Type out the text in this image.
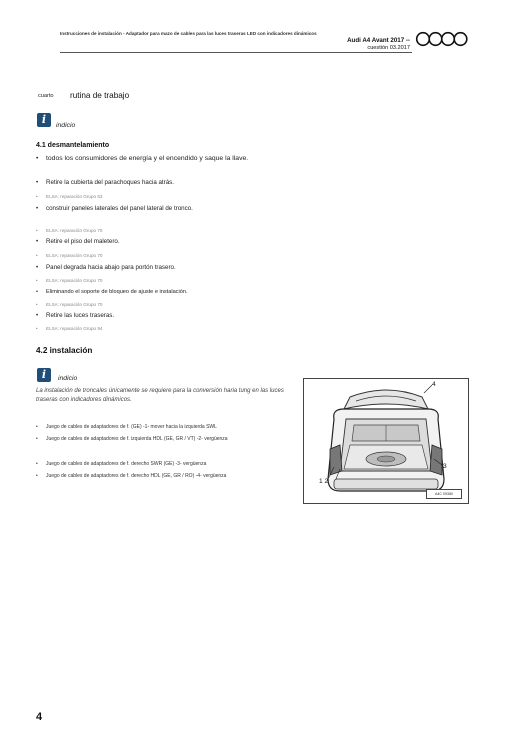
Instrucciones de instalación - Adaptador para mazo de cables para las luces traseras LED con indicadores dinámicos
Audi A4 Avant 2017 --
cuestión 03.2017
cuarto rutina de trabajo
i	indicio
4.1 desmantelamiento
• todos los consumidores de energía y el encendido y saque la llave.
• Retire la cubierta del parachoques hacia atrás.
• ELSA: reparación Grupo 63
• construir paneles laterales del panel lateral de tronco.
• ELSA: reparación Grupo 70
• Retire el piso del maletero.
• ELSA: reparación Grupo 70
• Panel degrada hacia abajo para portón trasero.
• ELSA: reparación Grupo 70
• Eliminando el soporte de bloqueo de ajuste e instalación.
• ELSA: reparación Grupo 70
• Retire las luces traseras.
• ELSA: reparación Grupo 94
4.2 instalación
i	indicio
La instalación de troncales únicamente se requiere para la conversión haria tung en las luces traseras con indicadores dinámicos.
• Juego de cables de adaptadores de f. (GE) -1- mover hacia la izquierda SWL
• Juego de cables de adaptadores de f. izquierda HDL (GE, GR / VT) -2- vergüenza
• Juego de cables de adaptadores de f. derecho SWR (GE) -3- vergüenza
• Juego de cables de adaptadores de f. derecho HDL (GE, GR / RO) -4- vergüenza
4
3
1 2
A4C 09380
4
